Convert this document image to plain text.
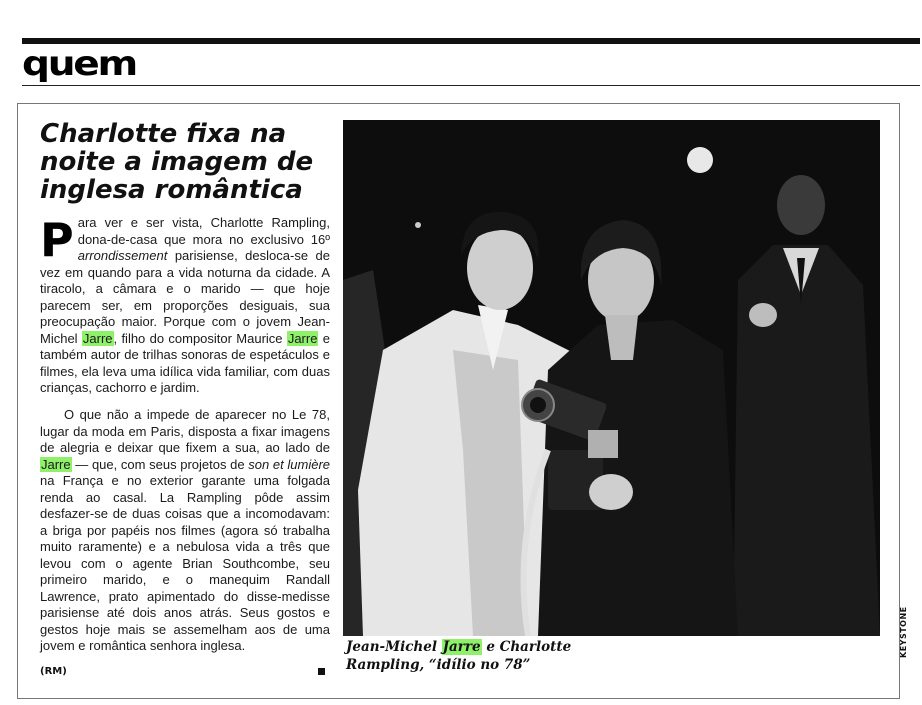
quem
Charlotte fixa na noite a imagem de inglesa romântica

Para ver e ser vista, Charlotte Rampling, dona-de-casa que mora no exclusivo 16º arrondissement parisiense, desloca-se de vez em quando para a vida noturna da cidade. A tiracolo, a câmara e o marido — que hoje parecem ser, em proporções desiguais, sua preocupação maior. Porque com o jovem Jean-Michel Jarre, filho do compositor Maurice Jarre e também autor de trilhas sonoras de espetáculos e filmes, ela leva uma idílica vida familiar, com duas crianças, cachorro e jardim.

O que não a impede de aparecer no Le 78, lugar da moda em Paris, disposta a fixar imagens de alegria e deixar que fixem a sua, ao lado de Jarre — que, com seus projetos de son et lumière na França e no exterior garante uma folgada renda ao casal. La Rampling pôde assim desfazer-se de duas coisas que a incomodavam: a briga por papéis nos filmes (agora só trabalha muito raramente) e a nebulosa vida a três que levou com o agente Brian Southcombe, seu primeiro marido, e o manequim Randall Lawrence, prato apimentado do disse-medisse parisiense até dois anos atrás. Seus gostos e gestos hoje mais se assemelham aos de uma jovem e romântica senhora inglesa.

(RM)

Jean-Michel Jarre e Charlotte Rampling, “idílio no 78”

KEYSTONE
